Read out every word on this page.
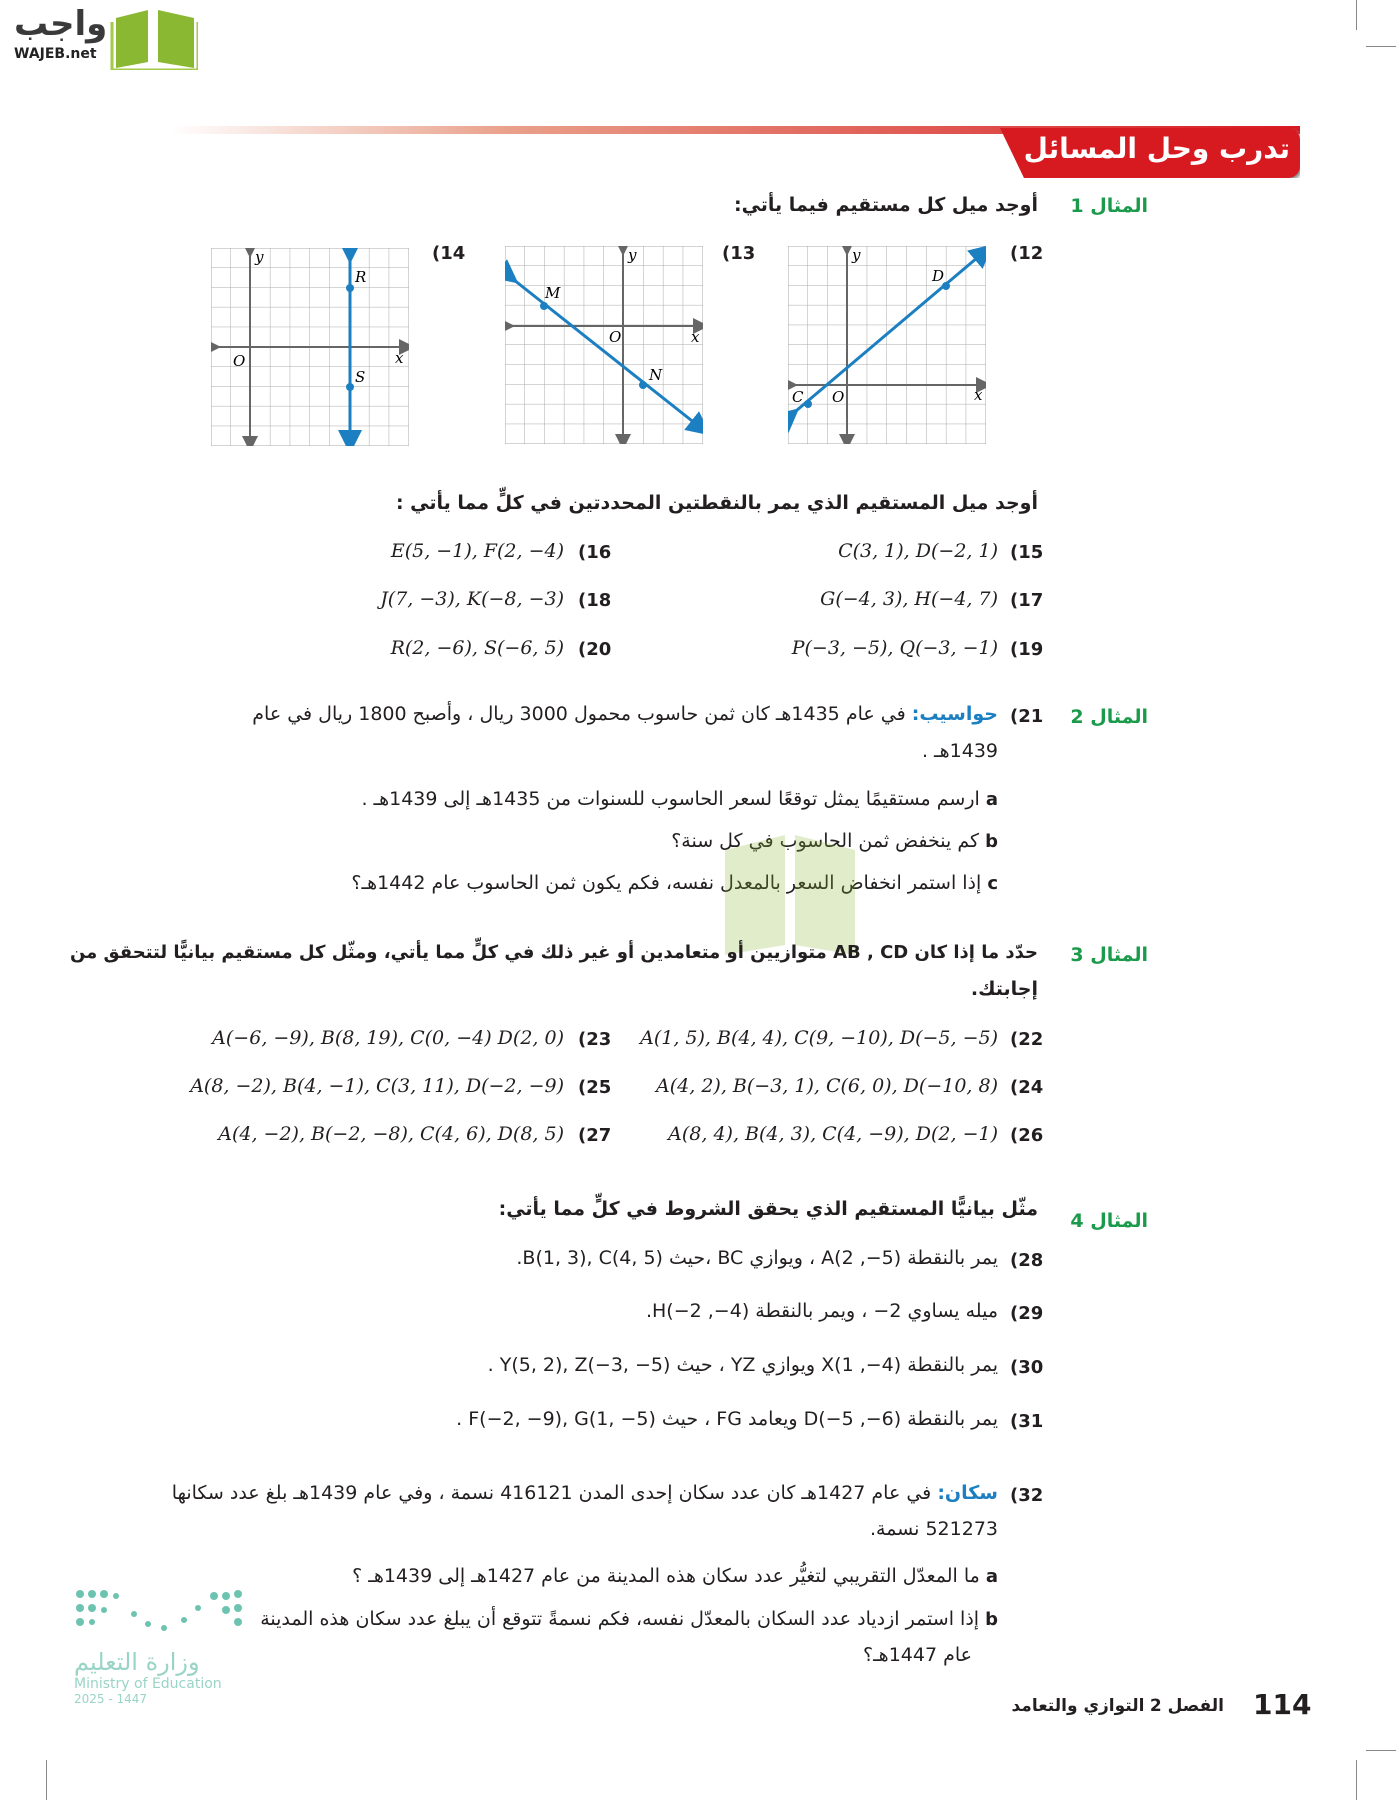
واجب
WAJEB.net
تدرب وحل المسائل
المثال 1
أوجد ميل كل مستقيم فيما يأتي:
(12
(13
(14
C
D
x
y
O
M
N
x
y
O
R
S
x
y
O
أوجد ميل المستقيم الذي يمر بالنقطتين المحددتين في كلٍّ مما يأتي :
(15
C(3, 1), D(−2, 1)
(16
E(5, −1), F(2, −4)
(17
G(−4, 3), H(−4, 7)
(18
J(7, −3), K(−8, −3)
(19
P(−3, −5), Q(−3, −1)
(20
R(2, −6), S(−6, 5)
المثال 2
(21
حواسيب: في عام 1435هـ كان ثمن حاسوب محمول 3000 ريال ، وأصبح 1800 ريال في عام
1439هـ .
a ارسم مستقيمًا يمثل توقعًا لسعر الحاسوب للسنوات من 1435هـ إلى 1439هـ .
b كم ينخفض ثمن الحاسوب في كل سنة؟
c إذا استمر انخفاض السعر بالمعدل نفسه، فكم يكون ثمن الحاسوب عام 1442هـ؟
المثال 3
حدّد ما إذا كان AB , CD متوازيين أو متعامدين أو غير ذلك في كلٍّ مما يأتي، ومثّل كل مستقيم بيانيًّا لتتحقق من
إجابتك.
(22
A(1, 5), B(4, 4), C(9, −10), D(−5, −5)
(23
A(−6, −9), B(8, 19), C(0, −4) D(2, 0)
(24
A(4, 2), B(−3, 1), C(6, 0), D(−10, 8)
(25
A(8, −2), B(4, −1), C(3, 11), D(−2, −9)
(26
A(8, 4), B(4, 3), C(4, −9), D(2, −1)
(27
A(4, −2), B(−2, −8), C(4, 6), D(8, 5)
المثال 4
مثّل بيانيًّا المستقيم الذي يحقق الشروط في كلٍّ مما يأتي:
(28
يمر بالنقطة (5−, 2)A ، ويوازي BC ،حيث B(1, 3), C(4, 5).
(29
ميله يساوي 2− ، ويمر بالنقطة (4−, 2−)H.
(30
يمر بالنقطة (4−, 1)X ويوازي YZ ، حيث Y(5, 2), Z(−3, −5) .
(31
يمر بالنقطة (6−, 5−)D ويعامد FG ، حيث F(−2, −9), G(1, −5) .
(32
سكان: في عام 1427هـ كان عدد سكان إحدى المدن 416121 نسمة ، وفي عام 1439هـ بلغ عدد سكانها
521273 نسمة.
a ما المعدّل التقريبي لتغيُّر عدد سكان هذه المدينة من عام 1427هـ إلى 1439هـ ؟
b إذا استمر ازدياد عدد السكان بالمعدّل نفسه، فكم نسمةً تتوقع أن يبلغ عدد سكان هذه المدينة
عام 1447هـ؟
وزارة التعليم
Ministry of Education
2025 - 1447	114
الفصل 2 التوازي والتعامد
